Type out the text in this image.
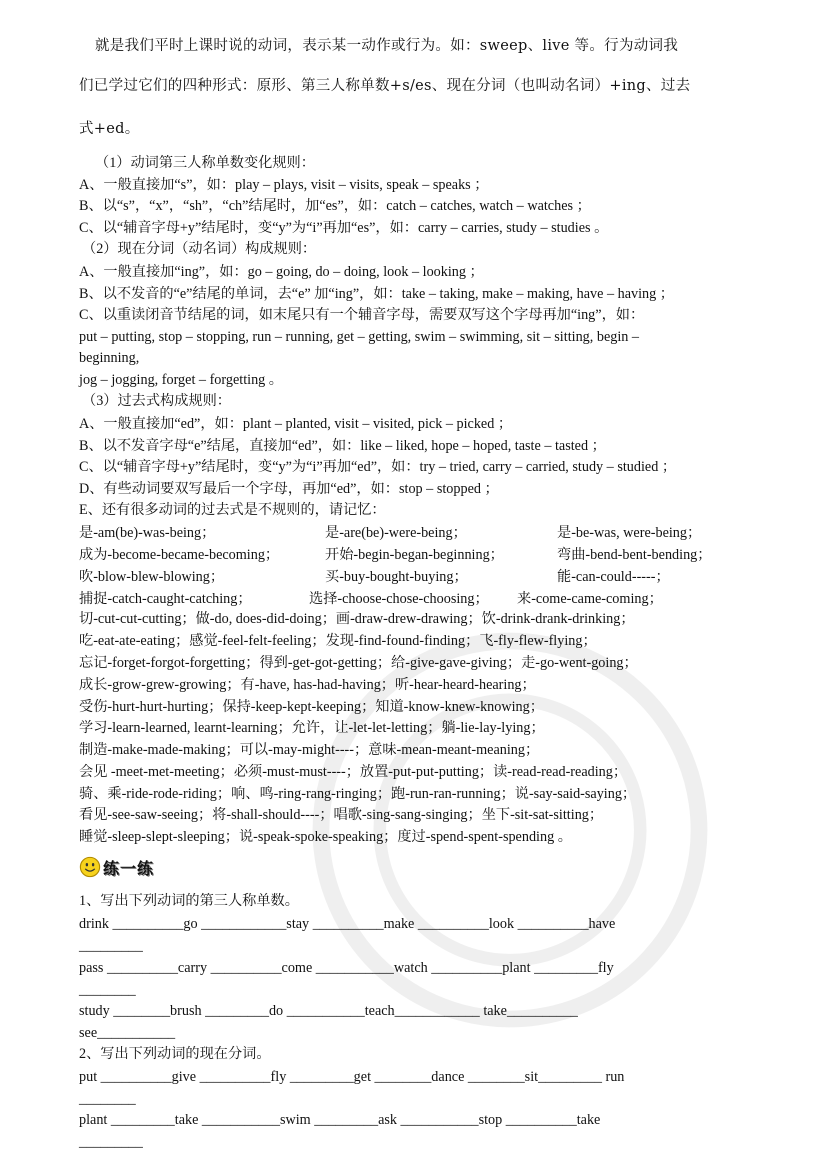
就是我们平时上课时说的动词，表示某一动作或行为。如：sweep、live 等。行为动词我
们已学过它们的四种形式：原形、第三人称单数+s/es、现在分词（也叫动名词）+ing、过去
式+ed。
（1）动词第三人称单数变化规则：
A、一般直接加“s”，如：play – plays, visit – visits, speak – speaks ；
B、以“s”，“x”，“sh”，“ch”结尾时，加“es”，如：catch – catches, watch – watches ；
C、以“辅音字母+y”结尾时，变“y”为“i”再加“es”，如：carry – carries, study – studies 。
（2）现在分词（动名词）构成规则：
A、一般直接加“ing”，如：go – going, do – doing, look – looking ；
B、以不发音的“e”结尾的单词，去“e” 加“ing”，如：take – taking, make – making, have – having ；
C、以重读闭音节结尾的词，如末尾只有一个辅音字母，需要双写这个字母再加“ing”，如：
put – putting, stop – stopping, run – running, get – getting, swim – swimming, sit – sitting, begin –
beginning,
jog – jogging, forget – forgetting 。
（3）过去式构成规则：
A、一般直接加“ed”，如：plant – planted, visit – visited, pick – picked ；
B、以不发音字母“e”结尾，直接加“ed”，如：like – liked, hope – hoped, taste – tasted ；
C、以“辅音字母+y”结尾时，变“y”为“i”再加“ed”，如：try – tried, carry – carried, study – studied ；
D、有些动词要双写最后一个字母，再加“ed”，如：stop – stopped ；
E、还有很多动词的过去式是不规则的，请记忆：
是-am(be)-was-being；	是-are(be)-were-being；	是-be-was, were-being；
成为-become-became-becoming；	开始-begin-began-beginning；	弯曲-bend-bent-bending；
吹-blow-blew-blowing；	买-buy-bought-buying；	能-can-could-----；
捕捉-catch-caught-catching；	选择-choose-chose-choosing； 来-come-came-coming；
切-cut-cut-cutting；做-do, does-did-doing；画-draw-drew-drawing；饮-drink-drank-drinking；
吃-eat-ate-eating；感觉-feel-felt-feeling；发现-find-found-finding；飞-fly-flew-flying；
忘记-forget-forgot-forgetting；得到-get-got-getting；给-give-gave-giving；走-go-went-going；
成长-grow-grew-growing；有-have, has-had-having；听-hear-heard-hearing；
受伤-hurt-hurt-hurting；保持-keep-kept-keeping；知道-know-knew-knowing；
学习-learn-learned, learnt-learning；允许，让-let-let-letting；躺-lie-lay-lying；
制造-make-made-making；可以-may-might----；意味-mean-meant-meaning；
会见 -meet-met-meeting；必须-must-must----；放置-put-put-putting；读-read-read-reading；
骑、乘-ride-rode-riding；响、鸣-ring-rang-ringing；跑-run-ran-running；说-say-said-saying；
看见-see-saw-seeing；将-shall-should----；唱歌-sing-sang-singing；坐下-sit-sat-sitting；
睡觉-sleep-slept-sleeping；说-speak-spoke-speaking；度过-spend-spent-spending 。
练一练
1、写出下列动词的第三人称单数。
drink __________go ____________stay __________make __________look __________have
_________
pass __________carry __________come ___________watch __________plant _________fly
________
study ________brush _________do ___________teach____________ take__________
see___________
2、写出下列动词的现在分词。
put __________give __________fly _________get ________dance ________sit_________ run
________
plant _________take ___________swim _________ask ___________stop __________take
_________
